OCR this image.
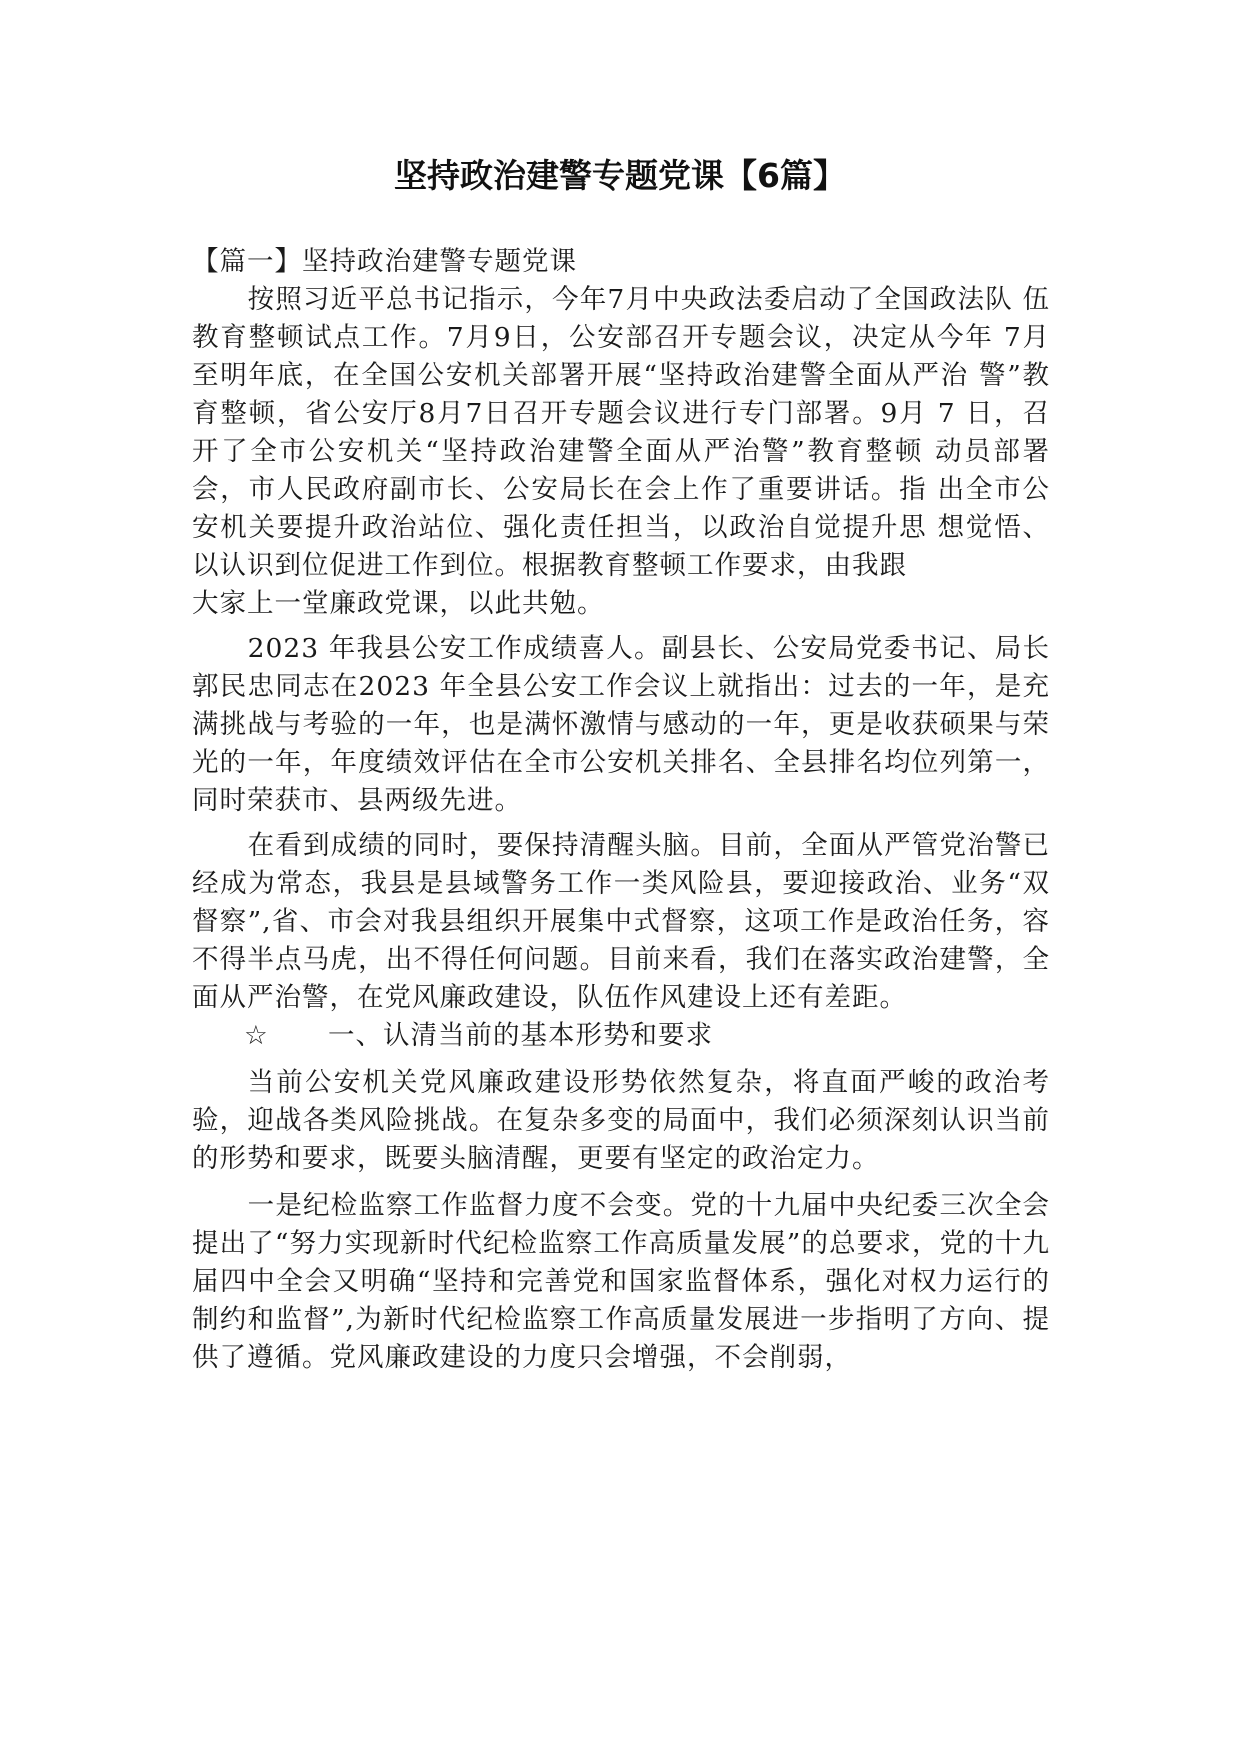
坚持政治建警专题党课【6篇】

【篇一】坚持政治建警专题党课

按照习近平总书记指示，今年7月中央政法委启动了全国政法队 伍教育整顿试点工作。7月9日，公安部召开专题会议，决定从今年 7月至明年底，在全国公安机关部署开展“坚持政治建警全面从严治 警”教育整顿，省公安厅8月7日召开专题会议进行专门部署。9月 7 日，召开了全市公安机关“坚持政治建警全面从严治警”教育整顿 动员部署会，市人民政府副市长、公安局长在会上作了重要讲话。指 出全市公安机关要提升政治站位、强化责任担当，以政治自觉提升思 想觉悟、以认识到位促进工作到位。根据教育整顿工作要求，由我跟

大家上一堂廉政党课，以此共勉。

2023 年我县公安工作成绩喜人。副县长、公安局党委书记、局长郭民忠同志在2023 年全县公安工作会议上就指出：过去的一年，是充满挑战与考验的一年，也是满怀激情与感动的一年，更是收获硕果与荣光的一年，年度绩效评估在全市公安机关排名、全县排名均位列第一，同时荣获市、县两级先进。

在看到成绩的同时，要保持清醒头脑。目前，全面从严管党治警已经成为常态，我县是县域警务工作一类风险县，要迎接政治、业务“双督察”,省、市会对我县组织开展集中式督察，这项工作是政治任务，容不得半点马虎，出不得任何问题。目前来看，我们在落实政治建警，全面从严治警，在党风廉政建设，队伍作风建设上还有差距。

☆ 一、认清当前的基本形势和要求

当前公安机关党风廉政建设形势依然复杂，将直面严峻的政治考验，迎战各类风险挑战。在复杂多变的局面中，我们必须深刻认识当前的形势和要求，既要头脑清醒，更要有坚定的政治定力。

一是纪检监察工作监督力度不会变。党的十九届中央纪委三次全会提出了“努力实现新时代纪检监察工作高质量发展”的总要求，党的十九届四中全会又明确“坚持和完善党和国家监督体系，强化对权力运行的制约和监督”,为新时代纪检监察工作高质量发展进一步指明了方向、提供了遵循。党风廉政建设的力度只会增强，不会削弱，
